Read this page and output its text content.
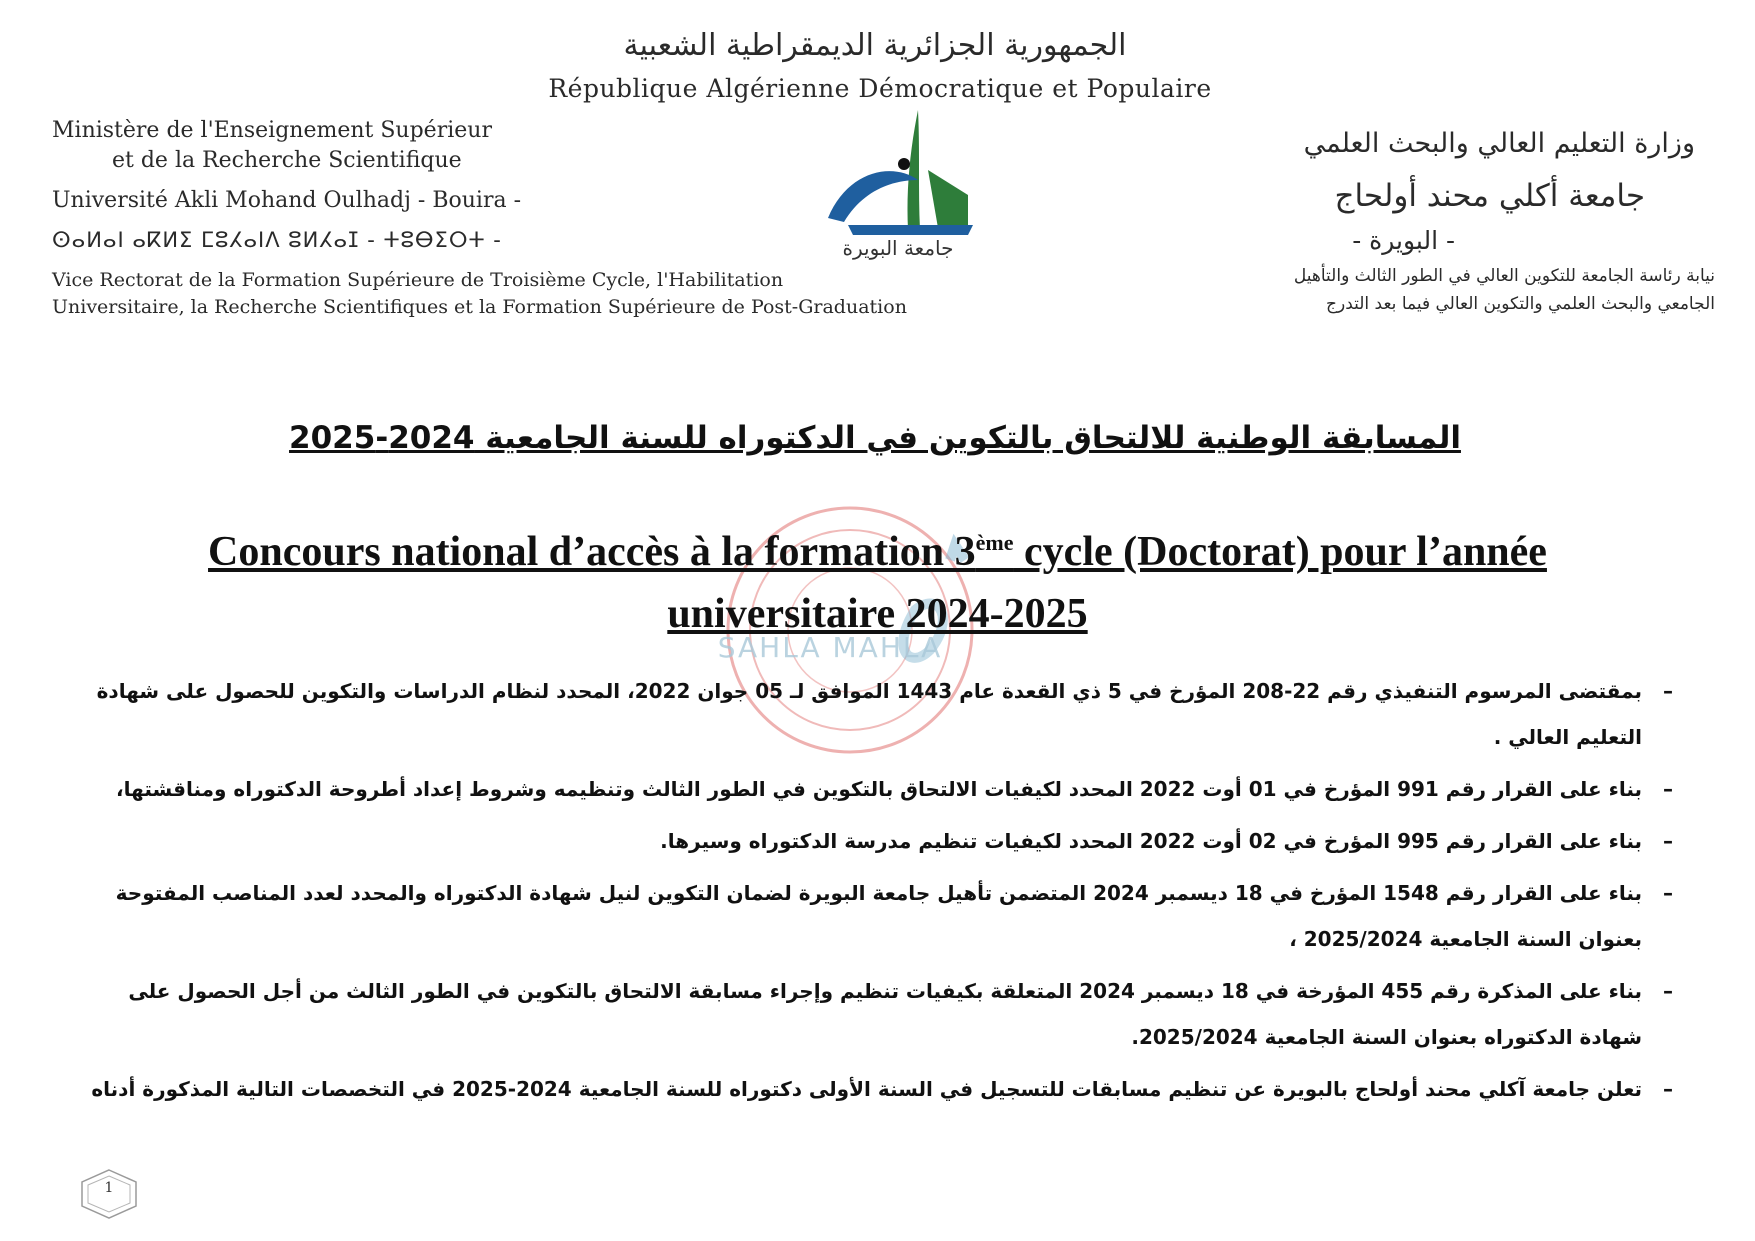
الجمهورية الجزائرية الديمقراطية الشعبية
République Algérienne Démocratique et Populaire
Ministère de l'Enseignement Supérieur
et de la Recherche Scientifique
Université Akli Mohand Oulhadj - Bouira -
ⵙⴰⵍⴰⵏ ⴰⴽⵍⵉ ⵎⵓⵃⴰⵏⴷ ⵓⵍⵃⴰⵊ - ⵜⵓⴱⵉⵔⵜ -
Vice Rectorat de la Formation Supérieure de Troisième Cycle, l'Habilitation
Universitaire, la Recherche Scientifiques et la Formation Supérieure de Post-Graduation
وزارة التعليم العالي والبحث العلمي
جامعة أكلي محند أولحاج
- البويرة -
نيابة رئاسة الجامعة للتكوين العالي في الطور الثالث والتأهيل
الجامعي والبحث العلمي والتكوين العالي فيما بعد التدرج
جامعة البويرة
SAHLA MAHLA
المسابقة الوطنية للالتحاق بالتكوين في الدكتوراه للسنة الجامعية 2024-2025
Concours national d’accès à la formation 3ème cycle (Doctorat) pour l’année
universitaire 2024-2025
–
بمقتضى المرسوم التنفيذي رقم 22-208 المؤرخ في 5 ذي القعدة عام 1443 الموافق لـ 05 جوان 2022، المحدد لنظام الدراسات والتكوين للحصول على شهادة التعليم العالي .
–
بناء على القرار رقم 991 المؤرخ في 01 أوت 2022 المحدد لكيفيات الالتحاق بالتكوين في الطور الثالث وتنظيمه وشروط إعداد أطروحة الدكتوراه ومناقشتها،
–
بناء على القرار رقم 995 المؤرخ في 02 أوت 2022 المحدد لكيفيات تنظيم مدرسة الدكتوراه وسيرها.
–
بناء على القرار رقم 1548 المؤرخ في 18 ديسمبر 2024 المتضمن تأهيل جامعة البويرة لضمان التكوين لنيل شهادة الدكتوراه والمحدد لعدد المناصب المفتوحة بعنوان السنة الجامعية 2025/2024 ،
–
بناء على المذكرة رقم 455 المؤرخة في 18 ديسمبر 2024 المتعلقة بكيفيات تنظيم وإجراء مسابقة الالتحاق بالتكوين في الطور الثالث من أجل الحصول على شهادة الدكتوراه بعنوان السنة الجامعية 2025/2024.
–
تعلن جامعة آكلي محند أولحاج بالبويرة عن تنظيم مسابقات للتسجيل في السنة الأولى دكتوراه للسنة الجامعية 2024-2025 في التخصصات التالية المذكورة أدناه
1
